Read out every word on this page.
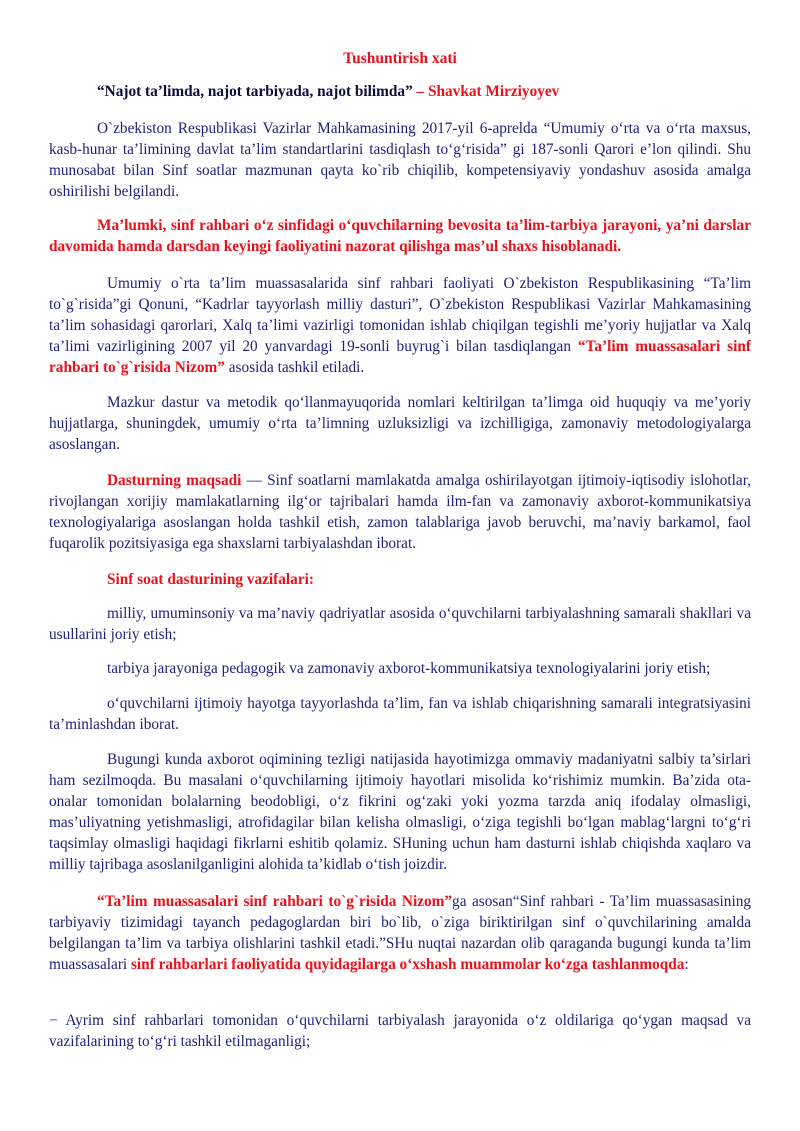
Tushuntirish xati
“Najot ta’limda, najot tarbiyada, najot bilimda” – Shavkat Mirziyoyev
O`zbekiston Respublikasi Vazirlar Mahkamasining 2017-yil 6-aprelda “Umumiy o‘rta va o‘rta maxsus, kasb-hunar ta’limining davlat ta’lim standartlarini tasdiqlash to‘g‘risida” gi 187-sonli Qarori e’lon qilindi. Shu munosabat bilan Sinf soatlar mazmunan qayta ko`rib chiqilib, kompetensiyaviy yondashuv asosida amalga oshirilishi belgilandi.
Ma’lumki, sinf rahbari o‘z sinfidagi o‘quvchilarning bevosita ta’lim-tarbiya jarayoni, ya’ni darslar davomida hamda darsdan keyingi faoliyatini nazorat qilishga mas’ul shaxs hisoblanadi.
Umumiy o`rta ta’lim muassasalarida sinf rahbari faoliyati O`zbekiston Respublikasining “Ta’lim to`g`risida”gi Qonuni, “Kadrlar tayyorlash milliy dasturi”, O`zbekiston Respublikasi Vazirlar Mahkamasining ta’lim sohasidagi qarorlari, Xalq ta’limi vazirligi tomonidan ishlab chiqilgan tegishli me’yoriy hujjatlar va Xalq ta’limi vazirligining 2007 yil 20 yanvardagi 19-sonli buyrug`i bilan tasdiqlangan “Ta’lim muassasalari sinf rahbari to`g`risida Nizom” asosida tashkil etiladi.
Mazkur dastur va metodik qo‘llanmayuqorida nomlari keltirilgan ta’limga oid huquqiy va me’yoriy hujjatlarga, shuningdek, umumiy o‘rta ta’limning uzluksizligi va izchilligiga, zamonaviy metodologiyalarga asoslangan.
Dasturning maqsadi — Sinf soatlarni mamlakatda amalga oshirilayotgan ijtimoiy-iqtisodiy islohotlar, rivojlangan xorijiy mamlakatlarning ilg‘or tajribalari hamda ilm-fan va zamonaviy axborot-kommunikatsiya texnologiyalariga asoslangan holda tashkil etish, zamon talablariga javob beruvchi, ma’naviy barkamol, faol fuqarolik pozitsiyasiga ega shaxslarni tarbiyalashdan iborat.
Sinf soat dasturining vazifalari:
milliy, umuminsoniy va ma’naviy qadriyatlar asosida o‘quvchilarni tarbiyalashning samarali shakllari va usullarini joriy etish;
tarbiya jarayoniga pedagogik va zamonaviy axborot-kommunikatsiya texnologiyalarini joriy etish;
o‘quvchilarni ijtimoiy hayotga tayyorlashda ta’lim, fan va ishlab chiqarishning samarali integratsiyasini ta’minlashdan iborat.
Bugungi kunda axborot oqimining tezligi natijasida hayotimizga ommaviy madaniyatni salbiy ta’sirlari ham sezilmoqda. Bu masalani o‘quvchilarning ijtimoiy hayotlari misolida ko‘rishimiz mumkin. Ba’zida ota-onalar tomonidan bolalarning beodobligi, o‘z fikrini og‘zaki yoki yozma tarzda aniq ifodalay olmasligi, mas’uliyatning yetishmasligi, atrofidagilar bilan kelisha olmasligi, o‘ziga tegishli bo‘lgan mablag‘largni to‘g‘ri taqsimlay olmasligi haqidagi fikrlarni eshitib qolamiz. SHuning uchun ham dasturni ishlab chiqishda xaqlaro va milliy tajribaga asoslanilganligini alohida ta’kidlab o‘tish joizdir.
“Ta’lim muassasalari sinf rahbari to`g`risida Nizom”ga asosan“Sinf rahbari - Ta’lim muassasasining tarbiyaviy tizimidagi tayanch pedagoglardan biri bo`lib, o`ziga biriktirilgan sinf o`quvchilarining amalda belgilangan ta’lim va tarbiya olishlarini tashkil etadi.”SHu nuqtai nazardan olib qaraganda bugungi kunda ta’lim muassasalari sinf rahbarlari faoliyatida quyidagilarga o‘xshash muammolar ko‘zga tashlanmoqda:
− Ayrim sinf rahbarlari tomonidan o‘quvchilarni tarbiyalash jarayonida o‘z oldilariga qo‘ygan maqsad va vazifalarining to‘g‘ri tashkil etilmaganligi;
